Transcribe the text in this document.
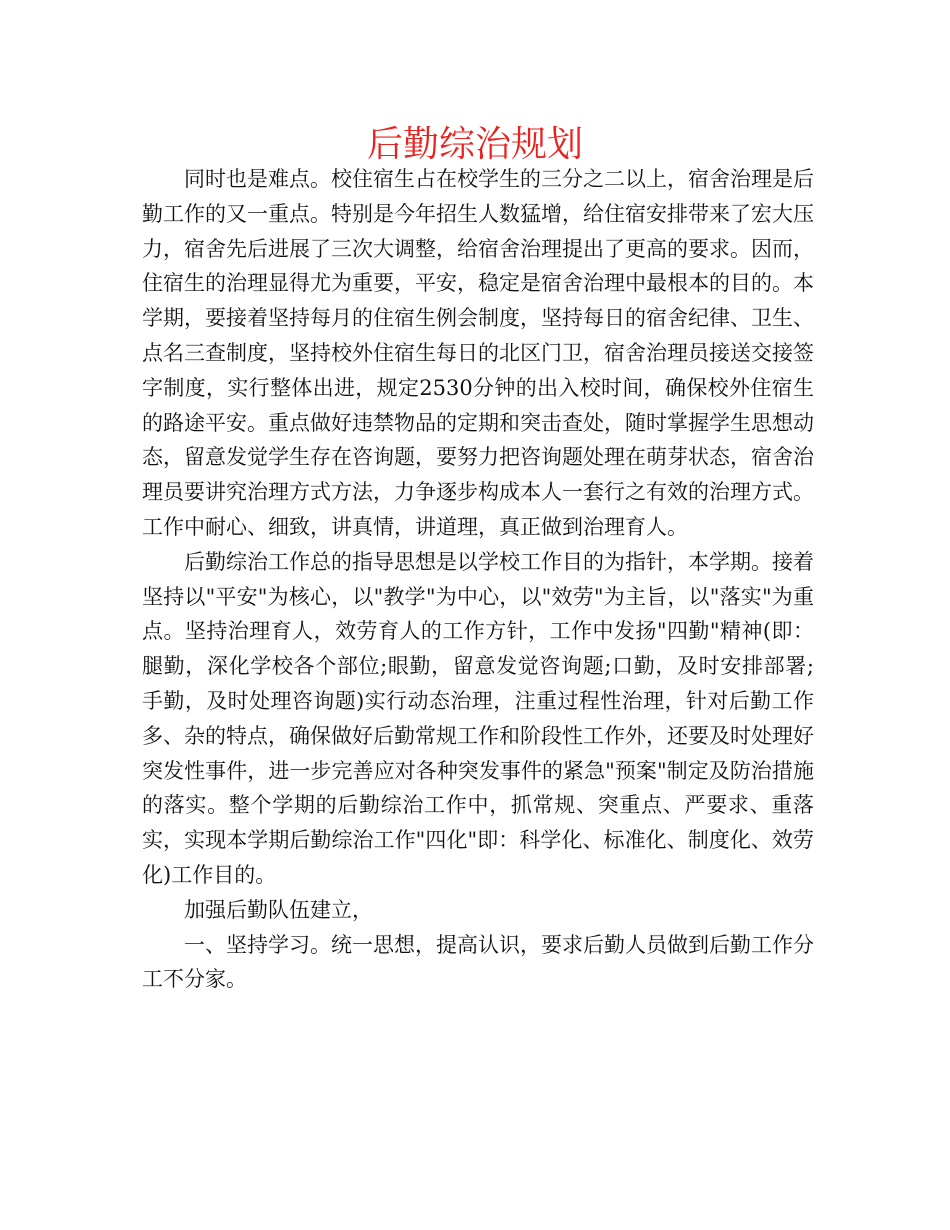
后勤综治规划

同时也是难点。校住宿生占在校学生的三分之二以上，宿舍治理是后勤工作的又一重点。特别是今年招生人数猛增，给住宿安排带来了宏大压力，宿舍先后进展了三次大调整，给宿舍治理提出了更高的要求。因而，住宿生的治理显得尤为重要，平安，稳定是宿舍治理中最根本的目的。本学期，要接着坚持每月的住宿生例会制度，坚持每日的宿舍纪律、卫生、点名三查制度，坚持校外住宿生每日的北区门卫，宿舍治理员接送交接签字制度，实行整体出进，规定2530分钟的出入校时间，确保校外住宿生的路途平安。重点做好违禁物品的定期和突击查处，随时掌握学生思想动态，留意发觉学生存在咨询题，要努力把咨询题处理在萌芽状态，宿舍治理员要讲究治理方式方法，力争逐步构成本人一套行之有效的治理方式。工作中耐心、细致，讲真情，讲道理，真正做到治理育人。

后勤综治工作总的指导思想是以学校工作目的为指针，本学期。接着坚持以"平安"为核心，以"教学"为中心，以"效劳"为主旨，以"落实"为重点。坚持治理育人，效劳育人的工作方针，工作中发扬"四勤"精神(即：腿勤，深化学校各个部位;眼勤，留意发觉咨询题;口勤，及时安排部署;手勤，及时处理咨询题)实行动态治理，注重过程性治理，针对后勤工作多、杂的特点，确保做好后勤常规工作和阶段性工作外，还要及时处理好突发性事件，进一步完善应对各种突发事件的紧急"预案"制定及防治措施的落实。整个学期的后勤综治工作中，抓常规、突重点、严要求、重落实，实现本学期后勤综治工作"四化"即：科学化、标准化、制度化、效劳化)工作目的。

加强后勤队伍建立，

一、坚持学习。统一思想，提高认识，要求后勤人员做到后勤工作分工不分家。
